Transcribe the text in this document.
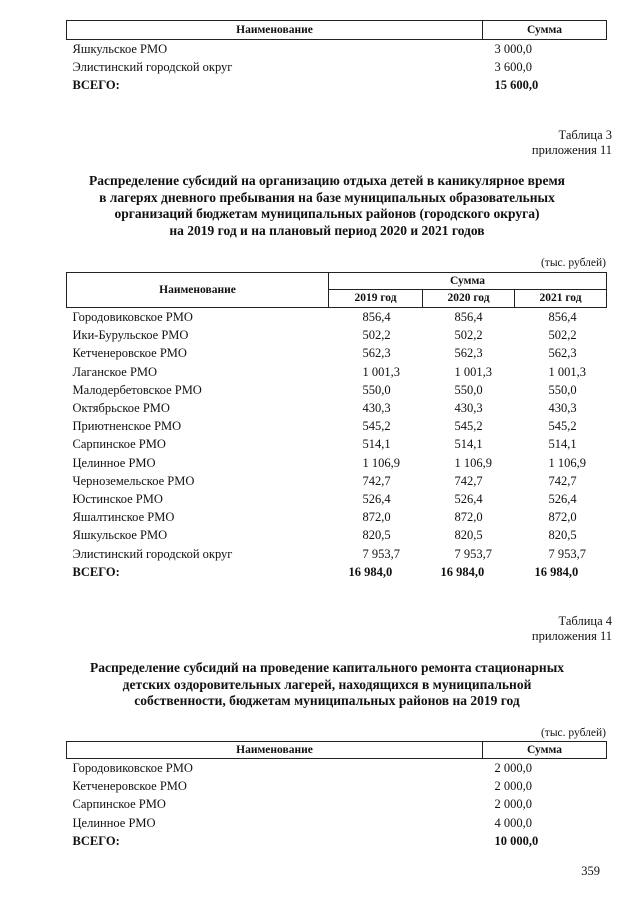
Наименование	Сумма
Яшкульское РМО	3 000,0
Элистинский городской округ	3 600,0
ВСЕГО:	15 600,0
Таблица 3
приложения 11
Распределение субсидий на организацию отдыха детей в каникулярное время
в лагерях дневного пребывания на базе муниципальных образовательных
организаций бюджетам муниципальных районов (городского округа)
на 2019 год и на плановый период 2020 и 2021 годов
(тыс. рублей)
Наименование	Сумма		
	2019 год	2020 год	2021 год
Городовиковское РМО	856,4	856,4	856,4
Ики-Бурульское РМО	502,2	502,2	502,2
Кетченеровское РМО	562,3	562,3	562,3
Лаганское РМО	1 001,3	1 001,3	1 001,3
Малодербетовское РМО	550,0	550,0	550,0
Октябрьское РМО	430,3	430,3	430,3
Приютненское РМО	545,2	545,2	545,2
Сарпинское РМО	514,1	514,1	514,1
Целинное РМО	1 106,9	1 106,9	1 106,9
Черноземельское РМО	742,7	742,7	742,7
Юстинское РМО	526,4	526,4	526,4
Яшалтинское РМО	872,0	872,0	872,0
Яшкульское РМО	820,5	820,5	820,5
Элистинский городской округ	7 953,7	7 953,7	7 953,7
ВСЕГО:	16 984,0	16 984,0	16 984,0
Таблица 4
приложения 11
Распределение субсидий на проведение капитального ремонта стационарных
детских оздоровительных лагерей, находящихся в муниципальной
собственности, бюджетам муниципальных районов на 2019 год
(тыс. рублей)
Наименование	Сумма
Городовиковское РМО	2 000,0
Кетченеровское РМО	2 000,0
Сарпинское РМО	2 000,0
Целинное РМО	4 000,0
ВСЕГО:	10 000,0
359
